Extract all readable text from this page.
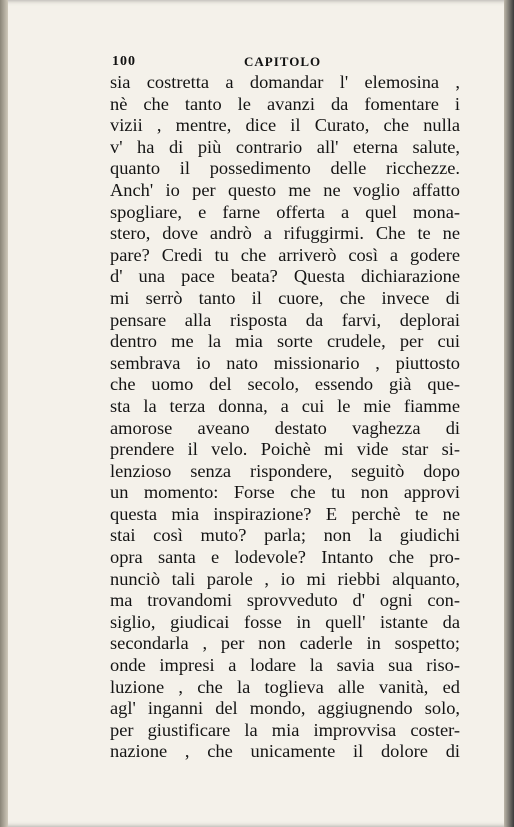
100	CAPITOLO
sia costretta a domandar l' elemosina ,
nè che tanto le avanzi da fomentare i
vizii , mentre, dice il Curato, che nulla
v' ha di più contrario all' eterna salute,
quanto il possedimento delle ricchezze.
Anch' io per questo me ne voglio affatto
spogliare, e farne offerta a quel mona-
stero, dove andrò a rifuggirmi. Che te ne
pare? Credi tu che arriverò così a godere
d' una pace beata? Questa dichiarazione
mi serrò tanto il cuore, che invece di
pensare alla risposta da farvi, deplorai
dentro me la mia sorte crudele, per cui
sembrava io nato missionario , piuttosto
che uomo del secolo, essendo già que-
sta la terza donna, a cui le mie fiamme
amorose aveano destato vaghezza di
prendere il velo. Poichè mi vide star si-
lenzioso senza rispondere, seguitò dopo
un momento: Forse che tu non approvi
questa mia inspirazione? E perchè te ne
stai così muto? parla; non la giudichi
opra santa e lodevole? Intanto che pro-
nunciò tali parole , io mi riebbi alquanto,
ma trovandomi sprovveduto d' ogni con-
siglio, giudicai fosse in quell' istante da
secondarla , per non caderle in sospetto;
onde impresi a lodare la savia sua riso-
luzione , che la toglieva alle vanità, ed
agl' inganni del mondo, aggiugnendo solo,
per giustificare la mia improvvisa coster-
nazione , che unicamente il dolore di
